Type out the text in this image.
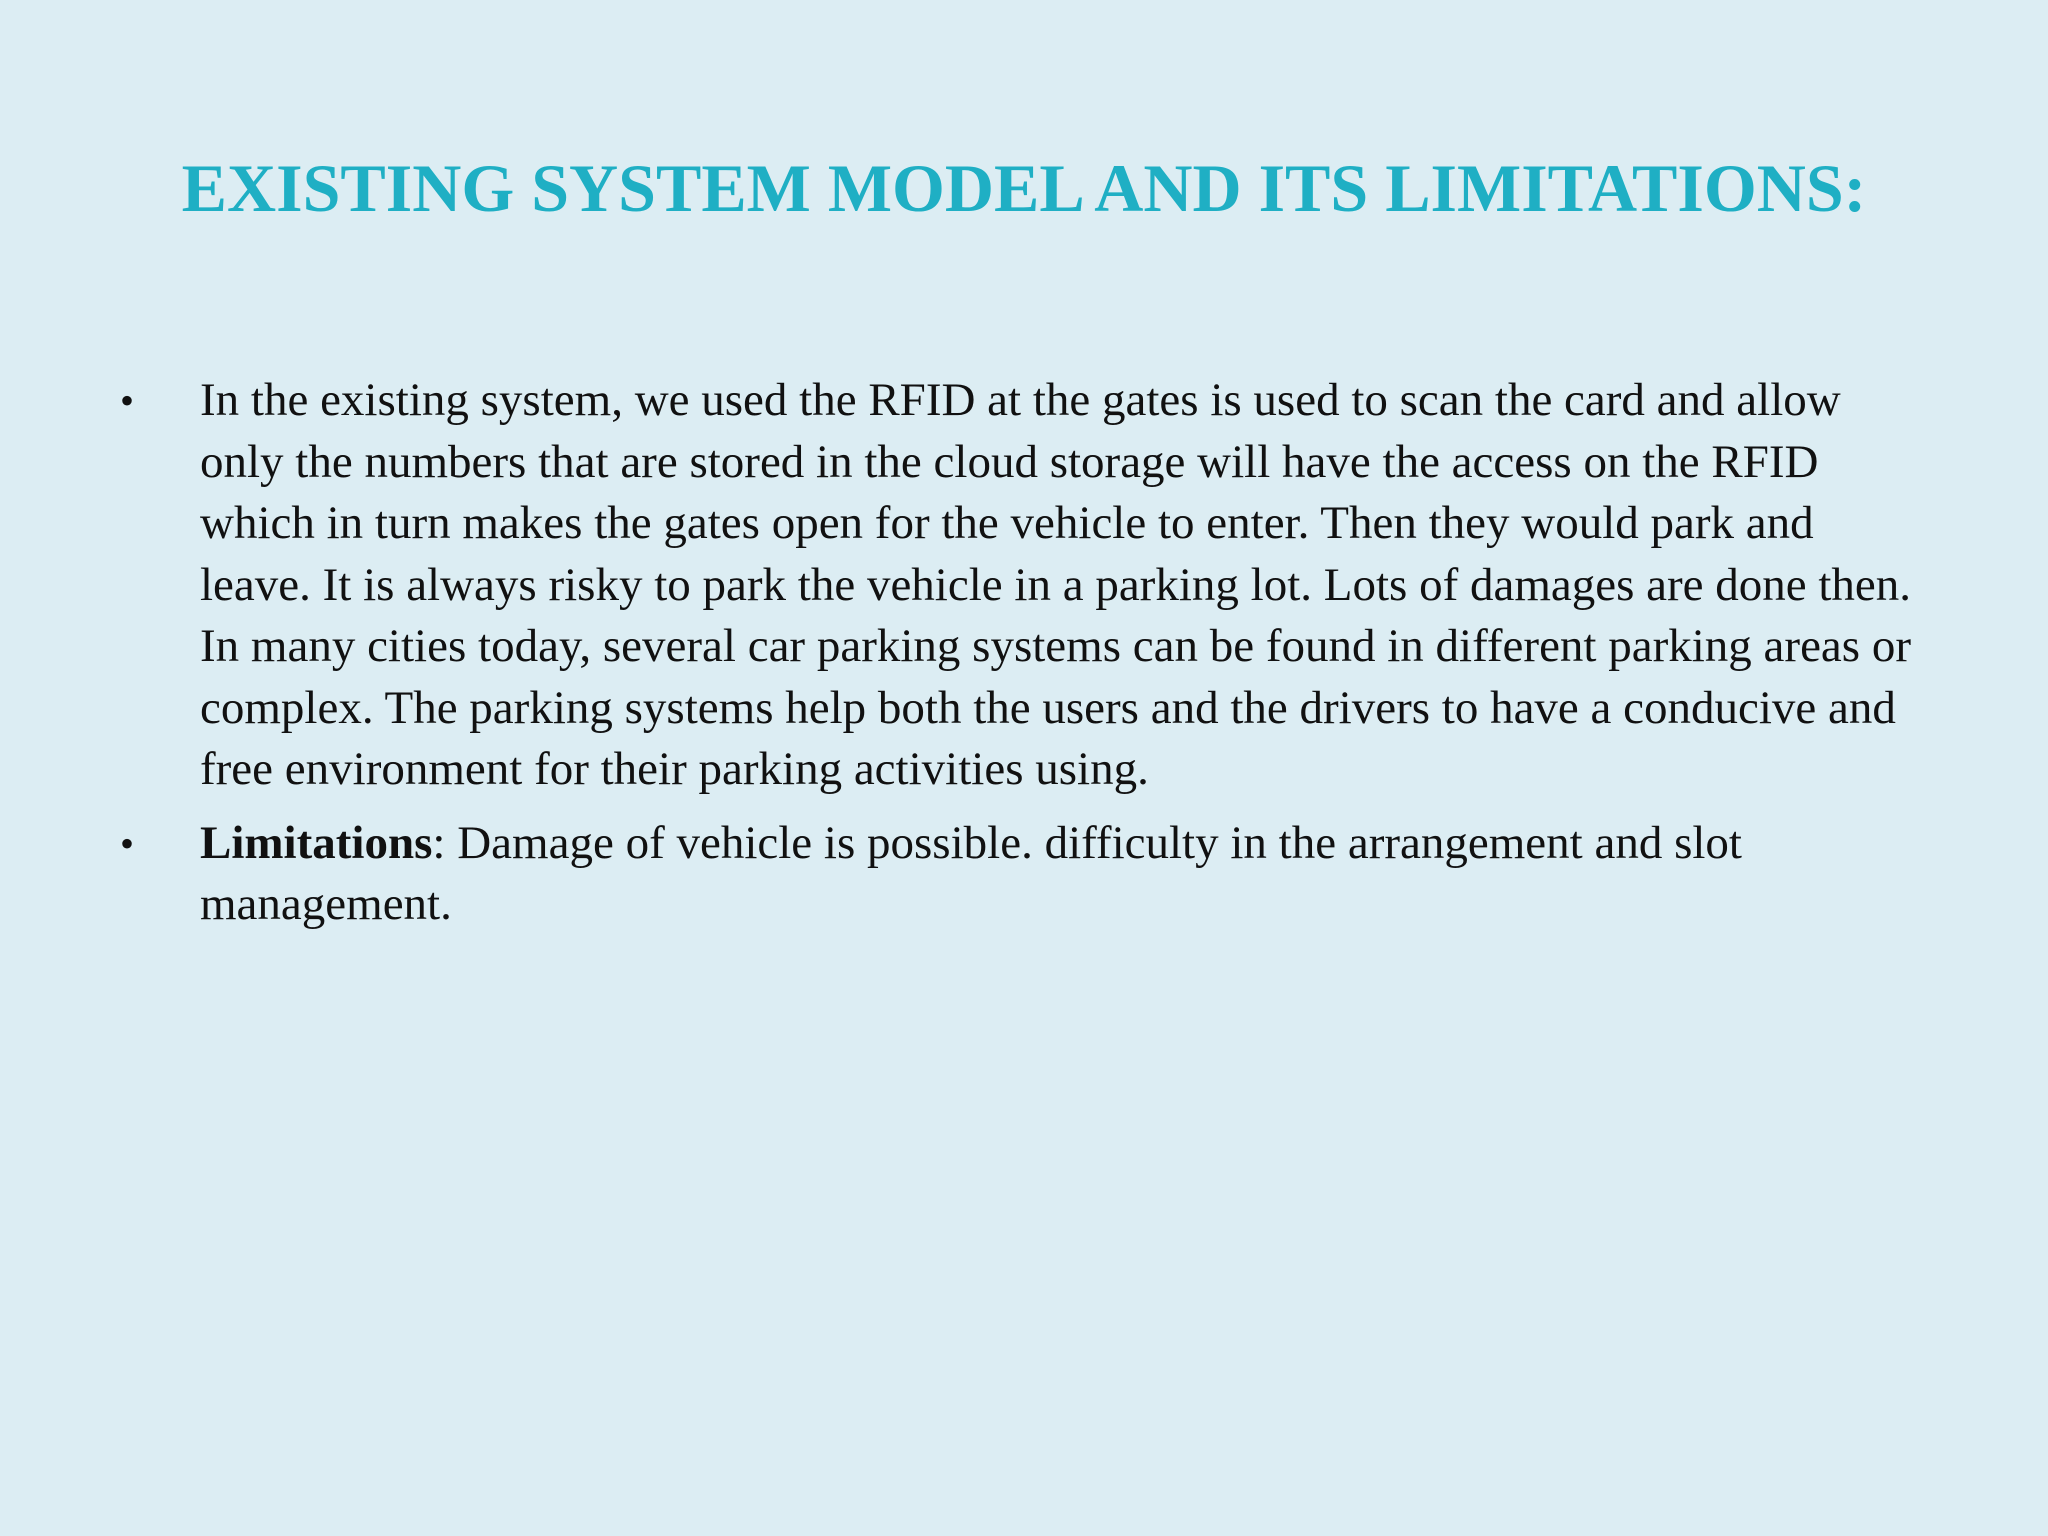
EXISTING SYSTEM MODEL AND ITS LIMITATIONS:
•	In the existing system, we used the RFID at the gates is used to scan the card and allow only the numbers that are stored in the cloud storage will have the access on the RFID which in turn makes the gates open for the vehicle to enter. Then they would park and leave. It is always risky to park the vehicle in a parking lot. Lots of damages are done then. In many cities today, several car parking systems can be found in different parking areas or complex. The parking systems help both the users and the drivers to have a conducive and free environment for their parking activities using.
•	Limitations: Damage of vehicle is possible. difficulty in the arrangement and slot management.
